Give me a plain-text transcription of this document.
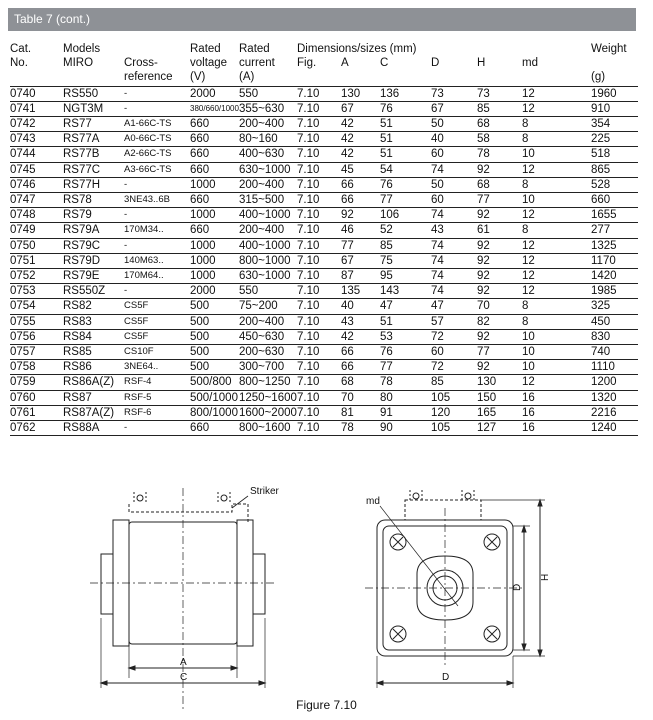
Table 7 (cont.)
Cat.	Models		Rated	Rated	Dimensions/sizes (mm)						Weight
No.	MIRO	Cross-	voltage	current	Fig.	A	C	D	H	md	
		reference	(V)	(A)							(g)
0740	RS550	-	2000	550	7.10	130	136	73	73	12	1960
0741	NGT3M	-	380/660/1000	355~630	7.10	67	76	67	85	12	910
0742	RS77	A1-66C-TS	660	200~400	7.10	42	51	50	68	8	354
0743	RS77A	A0-66C-TS	660	80~160	7.10	42	51	40	58	8	225
0744	RS77B	A2-66C-TS	660	400~630	7.10	42	51	60	78	10	518
0745	RS77C	A3-66C-TS	660	630~1000	7.10	45	54	74	92	12	865
0746	RS77H	-	1000	200~400	7.10	66	76	50	68	8	528
0747	RS78	3NE43..6B	660	315~500	7.10	66	77	60	77	10	660
0748	RS79	-	1000	400~1000	7.10	92	106	74	92	12	1655
0749	RS79A	170M34..	660	200~400	7.10	46	52	43	61	8	277
0750	RS79C	-	1000	400~1000	7.10	77	85	74	92	12	1325
0751	RS79D	140M63..	1000	800~1000	7.10	67	75	74	92	12	1170
0752	RS79E	170M64..	1000	630~1000	7.10	87	95	74	92	12	1420
0753	RS550Z	-	2000	550	7.10	135	143	74	92	12	1985
0754	RS82	CS5F	500	75~200	7.10	40	47	47	70	8	325
0755	RS83	CS5F	500	200~400	7.10	43	51	57	82	8	450
0756	RS84	CS5F	500	450~630	7.10	42	53	72	92	10	830
0757	RS85	CS10F	500	200~630	7.10	66	76	60	77	10	740
0758	RS86	3NE64..	500	300~700	7.10	66	77	72	92	10	1110
0759	RS86A(Z)	RSF-4	500/800	800~1250	7.10	68	78	85	130	12	1200
0760	RS87	RSF-5	500/1000	1250~1600	7.10	70	80	105	150	16	1320
0761	RS87A(Z)	RSF-6	800/1000	1600~2000	7.10	81	91	120	165	16	2216
0762	RS88A	-	660	800~1600	7.10	78	90	105	127	16	1240
Striker
md
A
C	D
D
H
Figure 7.10
